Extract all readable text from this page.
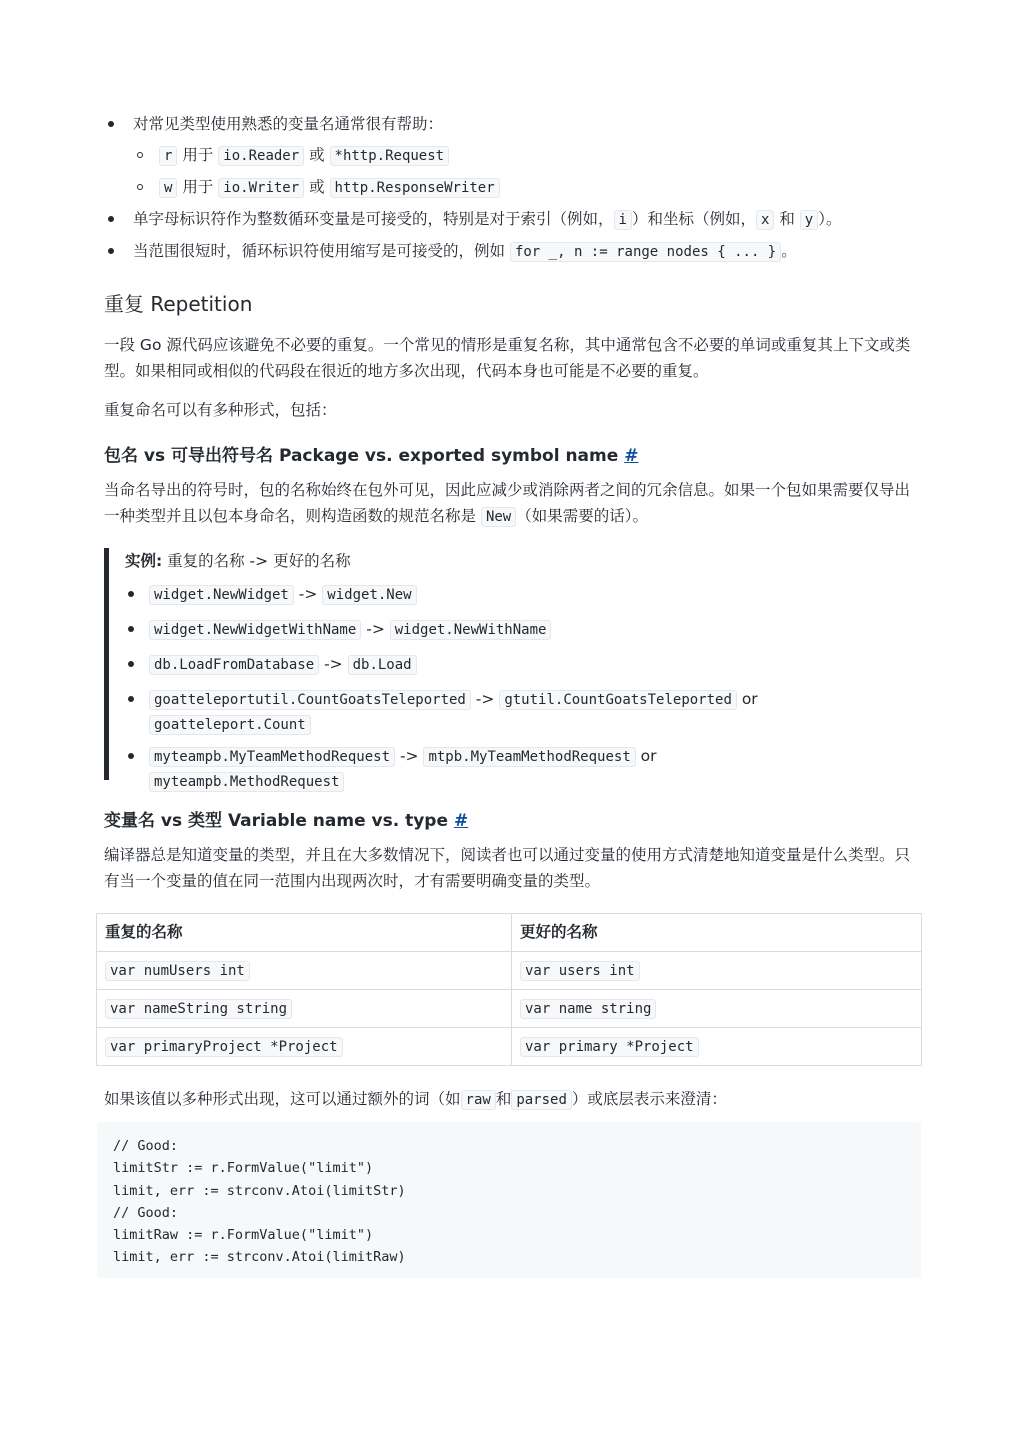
对常见类型使用熟悉的变量名通常很有帮助：
r 用于 io.Reader 或 *http.Request
w 用于 io.Writer 或 http.ResponseWriter
单字母标识符作为整数循环变量是可接受的，特别是对于索引（例如， i ）和坐标（例如， x 和 y ）。
当范围很短时，循环标识符使用缩写是可接受的，例如 for _, n := range nodes { ... } 。
重复 Repetition

一段 Go 源代码应该避免不必要的重复。一个常见的情形是重复名称，其中通常包含不必要的单词或重复其上下文或类型。如果相同或相似的代码段在很近的地方多次出现，代码本身也可能是不必要的重复。

重复命名可以有多种形式，包括：

包名 vs 可导出符号名 Package vs. exported symbol name #

当命名导出的符号时，包的名称始终在包外可见，因此应减少或消除两者之间的冗余信息。如果一个包如果需要仅导出一种类型并且以包本身命名，则构造函数的规范名称是 New （如果需要的话）。

实例: 重复的名称 -> 更好的名称
widget.NewWidget -> widget.New
widget.NewWidgetWithName -> widget.NewWithName
db.LoadFromDatabase -> db.Load
goatteleportutil.CountGoatsTeleported -> gtutil.CountGoatsTeleported or
goatteleport.Count
myteampb.MyTeamMethodRequest -> mtpb.MyTeamMethodRequest or
myteampb.MethodRequest
变量名 vs 类型 Variable name vs. type #

编译器总是知道变量的类型，并且在大多数情况下，阅读者也可以通过变量的使用方式清楚地知道变量是什么类型。只有当一个变量的值在同一范围内出现两次时，才有需要明确变量的类型。

重复的名称	更好的名称
var numUsers int	var users int
var nameString string	var name string
var primaryProject *Project	var primary *Project

如果该值以多种形式出现，这可以通过额外的词（如 raw 和 parsed ）或底层表示来澄清：

// Good:
limitStr := r.FormValue("limit")
limit, err := strconv.Atoi(limitStr)
// Good:
limitRaw := r.FormValue("limit")
limit, err := strconv.Atoi(limitRaw)
